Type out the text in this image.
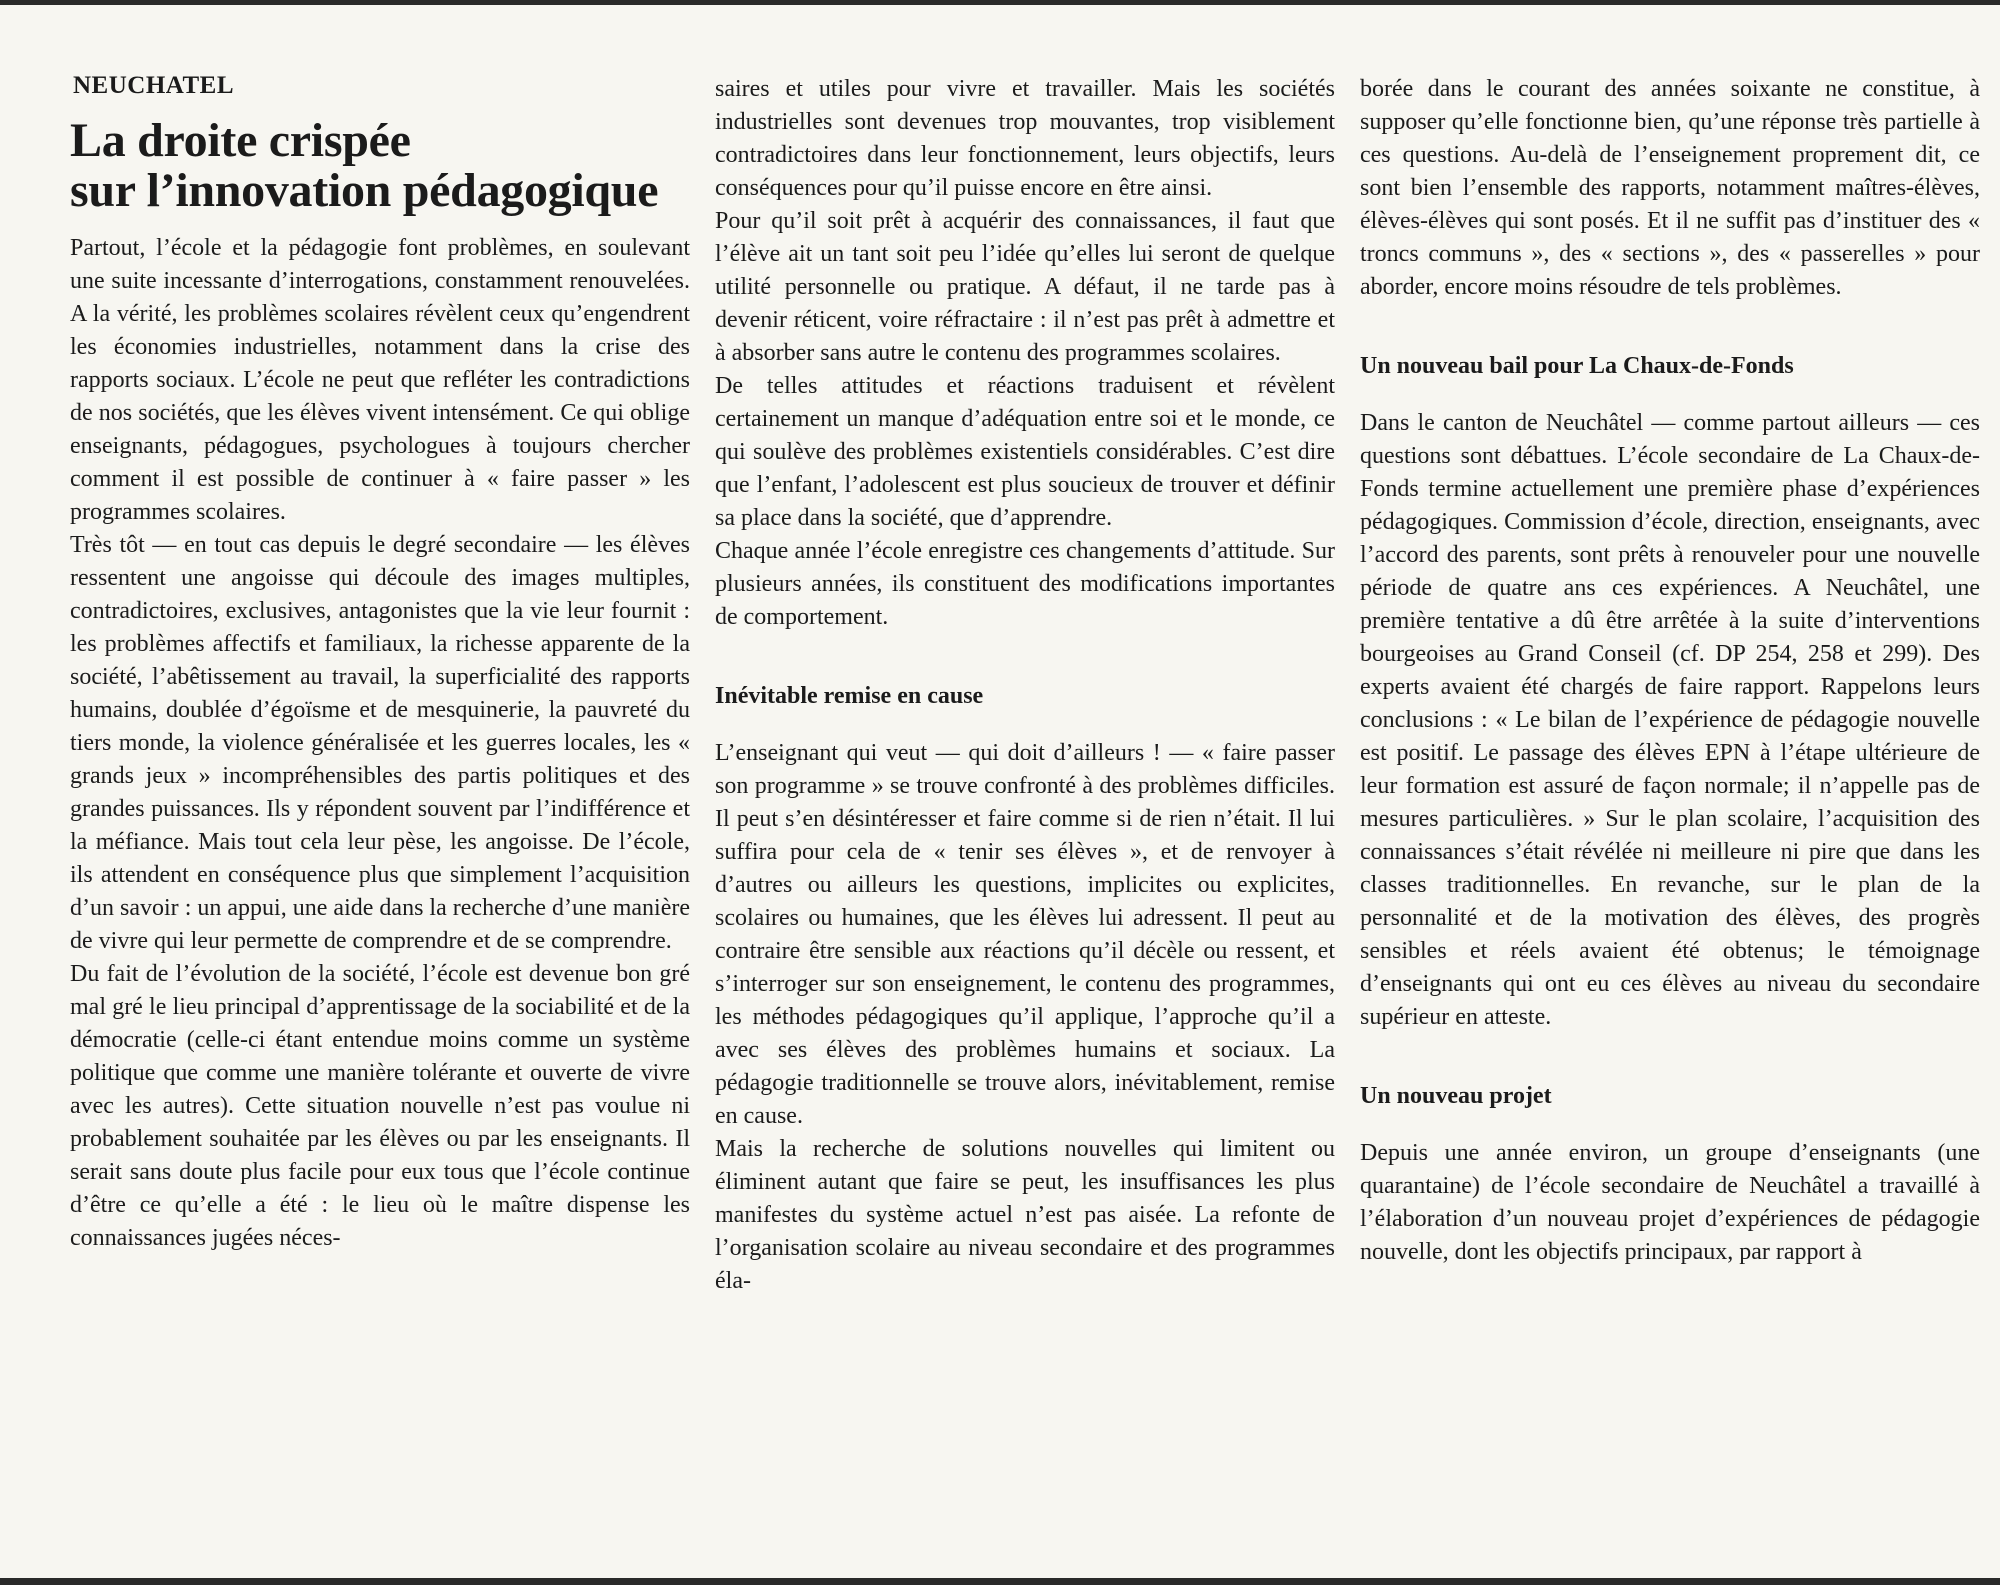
NEUCHATEL
La droite crispée
sur l’innovation pédagogique

Partout, l’école et la pédagogie font problèmes, en soulevant une suite incessante d’interrogations, constamment renouvelées. A la vérité, les problèmes scolaires révèlent ceux qu’engendrent les économies industrielles, notamment dans la crise des rapports sociaux. L’école ne peut que refléter les contradictions de nos sociétés, que les élèves vivent intensément. Ce qui oblige enseignants, pédagogues, psychologues à toujours chercher comment il est possible de continuer à « faire passer » les programmes scolaires.

Très tôt — en tout cas depuis le degré secondaire — les élèves ressentent une angoisse qui découle des images multiples, contradictoires, exclusives, antagonistes que la vie leur fournit : les problèmes affectifs et familiaux, la richesse apparente de la société, l’abêtissement au travail, la superficialité des rapports humains, doublée d’égoïsme et de mesquinerie, la pauvreté du tiers monde, la violence généralisée et les guerres locales, les « grands jeux » incompréhensibles des partis politiques et des grandes puissances. Ils y répondent souvent par l’indifférence et la méfiance. Mais tout cela leur pèse, les angoisse. De l’école, ils attendent en conséquence plus que simplement l’acquisition d’un savoir : un appui, une aide dans la recherche d’une manière de vivre qui leur permette de comprendre et de se comprendre.

Du fait de l’évolution de la société, l’école est devenue bon gré mal gré le lieu principal d’apprentissage de la sociabilité et de la démocratie (celle-ci étant entendue moins comme un système politique que comme une manière tolérante et ouverte de vivre avec les autres). Cette situation nouvelle n’est pas voulue ni probablement souhaitée par les élèves ou par les enseignants. Il serait sans doute plus facile pour eux tous que l’école continue d’être ce qu’elle a été : le lieu où le maître dispense les connaissances jugées néces-

saires et utiles pour vivre et travailler. Mais les sociétés industrielles sont devenues trop mouvantes, trop visiblement contradictoires dans leur fonctionnement, leurs objectifs, leurs conséquences pour qu’il puisse encore en être ainsi.

Pour qu’il soit prêt à acquérir des connaissances, il faut que l’élève ait un tant soit peu l’idée qu’elles lui seront de quelque utilité personnelle ou pratique. A défaut, il ne tarde pas à devenir réticent, voire réfractaire : il n’est pas prêt à admettre et à absorber sans autre le contenu des programmes scolaires.

De telles attitudes et réactions traduisent et révèlent certainement un manque d’adéquation entre soi et le monde, ce qui soulève des problèmes existentiels considérables. C’est dire que l’enfant, l’adolescent est plus soucieux de trouver et définir sa place dans la société, que d’apprendre.

Chaque année l’école enregistre ces changements d’attitude. Sur plusieurs années, ils constituent des modifications importantes de comportement.

Inévitable remise en cause

L’enseignant qui veut — qui doit d’ailleurs ! — « faire passer son programme » se trouve confronté à des problèmes difficiles. Il peut s’en désintéresser et faire comme si de rien n’était. Il lui suffira pour cela de « tenir ses élèves », et de renvoyer à d’autres ou ailleurs les questions, implicites ou explicites, scolaires ou humaines, que les élèves lui adressent. Il peut au contraire être sensible aux réactions qu’il décèle ou ressent, et s’interroger sur son enseignement, le contenu des programmes, les méthodes pédagogiques qu’il applique, l’approche qu’il a avec ses élèves des problèmes humains et sociaux. La pédagogie traditionnelle se trouve alors, inévitablement, remise en cause.

Mais la recherche de solutions nouvelles qui limitent ou éliminent autant que faire se peut, les insuffisances les plus manifestes du système actuel n’est pas aisée. La refonte de l’organisation scolaire au niveau secondaire et des programmes éla-

borée dans le courant des années soixante ne constitue, à supposer qu’elle fonctionne bien, qu’une réponse très partielle à ces questions. Au-delà de l’enseignement proprement dit, ce sont bien l’ensemble des rapports, notamment maîtres-élèves, élèves-élèves qui sont posés. Et il ne suffit pas d’instituer des « troncs communs », des « sections », des « passerelles » pour aborder, encore moins résoudre de tels problèmes.

Un nouveau bail pour La Chaux-de-Fonds

Dans le canton de Neuchâtel — comme partout ailleurs — ces questions sont débattues. L’école secondaire de La Chaux-de-Fonds termine actuellement une première phase d’expériences pédagogiques. Commission d’école, direction, enseignants, avec l’accord des parents, sont prêts à renouveler pour une nouvelle période de quatre ans ces expériences. A Neuchâtel, une première tentative a dû être arrêtée à la suite d’interventions bourgeoises au Grand Conseil (cf. DP 254, 258 et 299). Des experts avaient été chargés de faire rapport. Rappelons leurs conclusions : « Le bilan de l’expérience de pédagogie nouvelle est positif. Le passage des élèves EPN à l’étape ultérieure de leur formation est assuré de façon normale; il n’appelle pas de mesures particulières. » Sur le plan scolaire, l’acquisition des connaissances s’était révélée ni meilleure ni pire que dans les classes traditionnelles. En revanche, sur le plan de la personnalité et de la motivation des élèves, des progrès sensibles et réels avaient été obtenus; le témoignage d’enseignants qui ont eu ces élèves au niveau du secondaire supérieur en atteste.

Un nouveau projet

Depuis une année environ, un groupe d’enseignants (une quarantaine) de l’école secondaire de Neuchâtel a travaillé à l’élaboration d’un nouveau projet d’expériences de pédagogie nouvelle, dont les objectifs principaux, par rapport à
